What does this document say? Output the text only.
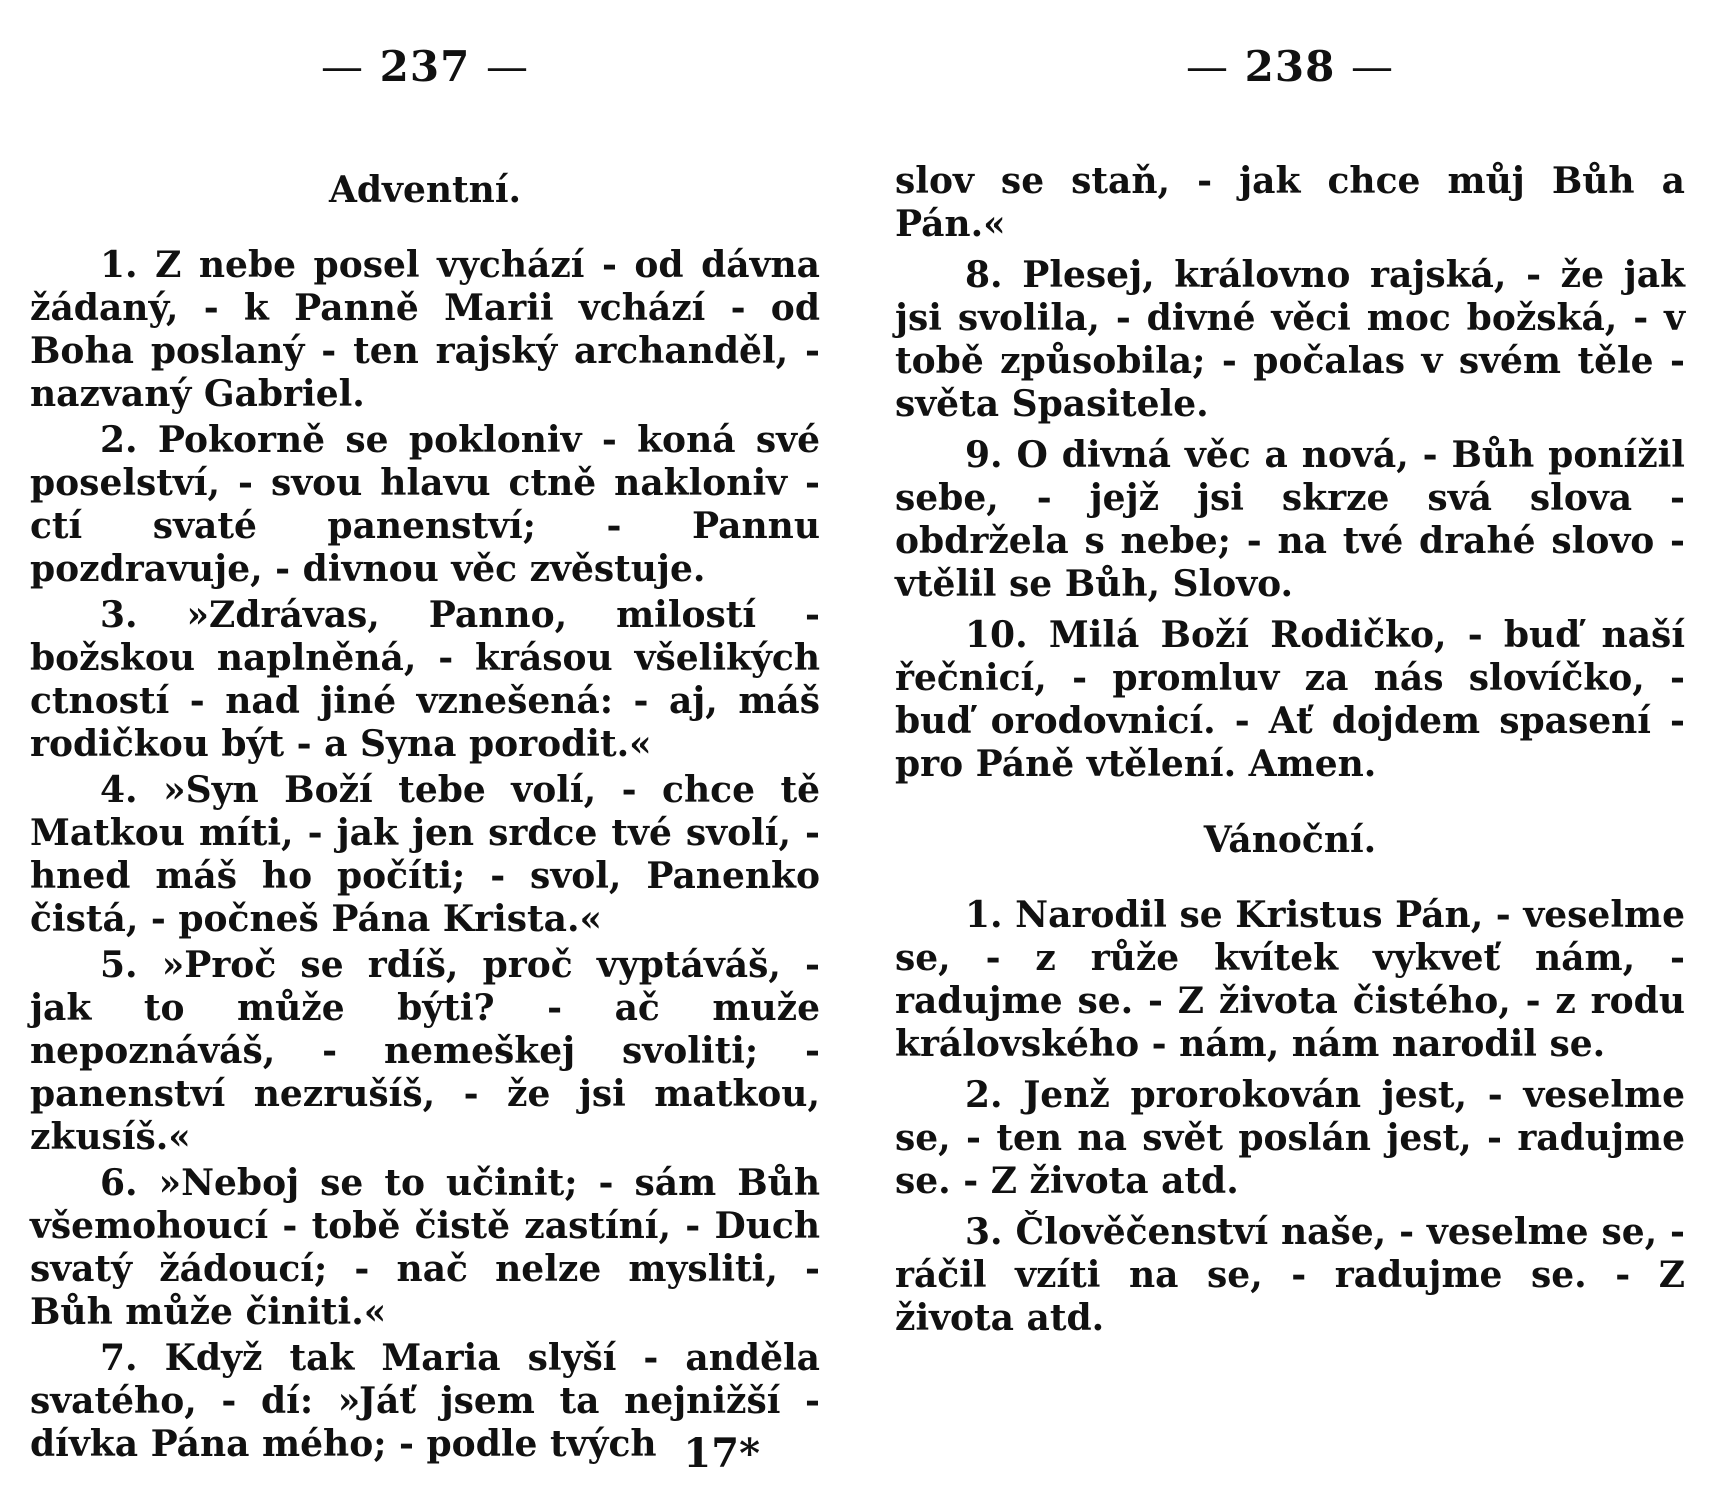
— 237 —
Adventní.

1. Z nebe posel vychází - od dávna žádaný, - k Panně Marii vchází - od Boha poslaný - ten rajský archanděl, - nazvaný Gabriel.

2. Pokorně se pokloniv - koná své poselství, - svou hlavu ctně nakloniv - ctí svaté panenství; - Pannu pozdravuje, - divnou věc zvěstuje.

3. »Zdrávas, Panno, milostí - božskou naplněná, - krásou všelikých ctností - nad jiné vznešená: - aj, máš rodičkou být - a Syna porodit.«

4. »Syn Boží tebe volí, - chce tě Matkou míti, - jak jen srdce tvé svolí, - hned máš ho počíti; - svol, Panenko čistá, - počneš Pána Krista.«

5. »Proč se rdíš, proč vyptáváš, - jak to může býti? - ač muže nepoznáváš, - nemeškej svoliti; - panenství nezrušíš, - že jsi matkou, zkusíš.«

6. »Neboj se to učinit; - sám Bůh všemohoucí - tobě čistě zastíní, - Duch svatý žádoucí; - nač nelze mysliti, - Bůh může činiti.«

7. Když tak Maria slyší - anděla svatého, - dí: »Jáť jsem ta nejnižší - dívka Pána mého; - podle tvých 17*
— 238 —

slov se staň, - jak chce můj Bůh a Pán.«

8. Plesej, královno rajská, - že jak jsi svolila, - divné věci moc božská, - v tobě způsobila; - počalas v svém těle - světa Spasitele.

9. O divná věc a nová, - Bůh ponížil sebe, - jejž jsi skrze svá slova - obdržela s nebe; - na tvé drahé slovo - vtělil se Bůh, Slovo.

10. Milá Boží Rodičko, - buď naší řečnicí, - promluv za nás slovíčko, - buď orodovnicí. - Ať dojdem spasení - pro Páně vtělení. Amen.

Vánoční.

1. Narodil se Kristus Pán, - veselme se, - z růže kvítek vykveť nám, - radujme se. - Z života čistého, - z rodu královského - nám, nám narodil se.

2. Jenž prorokován jest, - veselme se, - ten na svět poslán jest, - radujme se. - Z života atd.

3. Člověčenství naše, - veselme se, - ráčil vzíti na se, - radujme se. - Z života atd.
